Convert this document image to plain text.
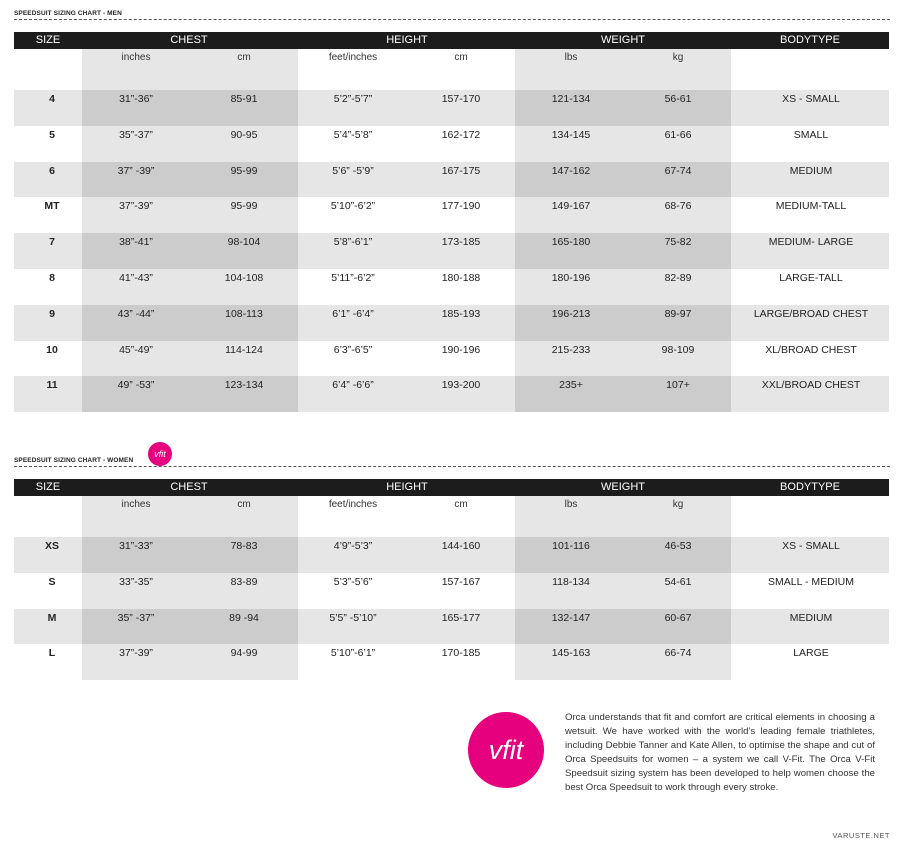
SPEEDSUIT SIZING CHART - MEN
SIZE	CHEST	HEIGHT	WEIGHT	BODYTYPE
inches	cm	feet/inches	cm	lbs	kg
4	31”-36”	85-91	5’2”-5’7”	157-170	121-134	56-61	XS - SMALL
5	35”-37”	90-95	5’4”-5’8”	162-172	134-145	61-66	SMALL
6	37” -39”	95-99	5’6” -5’9”	167-175	147-162	67-74	MEDIUM
MT	37”-39”	95-99	5’10”-6’2”	177-190	149-167	68-76	MEDIUM-TALL
7	38”-41”	98-104	5’8”-6’1”	173-185	165-180	75-82	MEDIUM- LARGE
8	41”-43”	104-108	5’11”-6’2”	180-188	180-196	82-89	LARGE-TALL
9	43” -44”	108-113	6’1” -6’4”	185-193	196-213	89-97	LARGE/BROAD CHEST
10	45”-49”	114-124	6’3”-6’5”	190-196	215-233	98-109	XL/BROAD CHEST
11	49” -53”	123-134	6’4” -6’6”	193-200	235+	107+	XXL/BROAD CHEST
SPEEDSUIT SIZING CHART - WOMEN
vfit
SIZE	CHEST	HEIGHT	WEIGHT	BODYTYPE
inches	cm	feet/inches	cm	lbs	kg
XS	31”-33”	78-83	4’9”-5’3”	144-160	101-116	46-53	XS - SMALL
S	33”-35”	83-89	5’3”-5’6”	157-167	118-134	54-61	SMALL - MEDIUM
M	35” -37”	89 -94	5’5” -5’10”	165-177	132-147	60-67	MEDIUM
L	37”-39”	94-99	5’10”-6’1”	170-185	145-163	66-74	LARGE
vfit
Orca understands that fit and comfort are critical elements in choosing a wetsuit. We have worked with the world’s leading female triathletes, including Debbie Tanner and Kate Allen, to optimise the shape and cut of Orca Speedsuits for women – a system we call V-Fit. The Orca V-Fit Speedsuit sizing system has been developed to help women choose the best Orca Speedsuit to work through every stroke.
VARUSTE.NET
